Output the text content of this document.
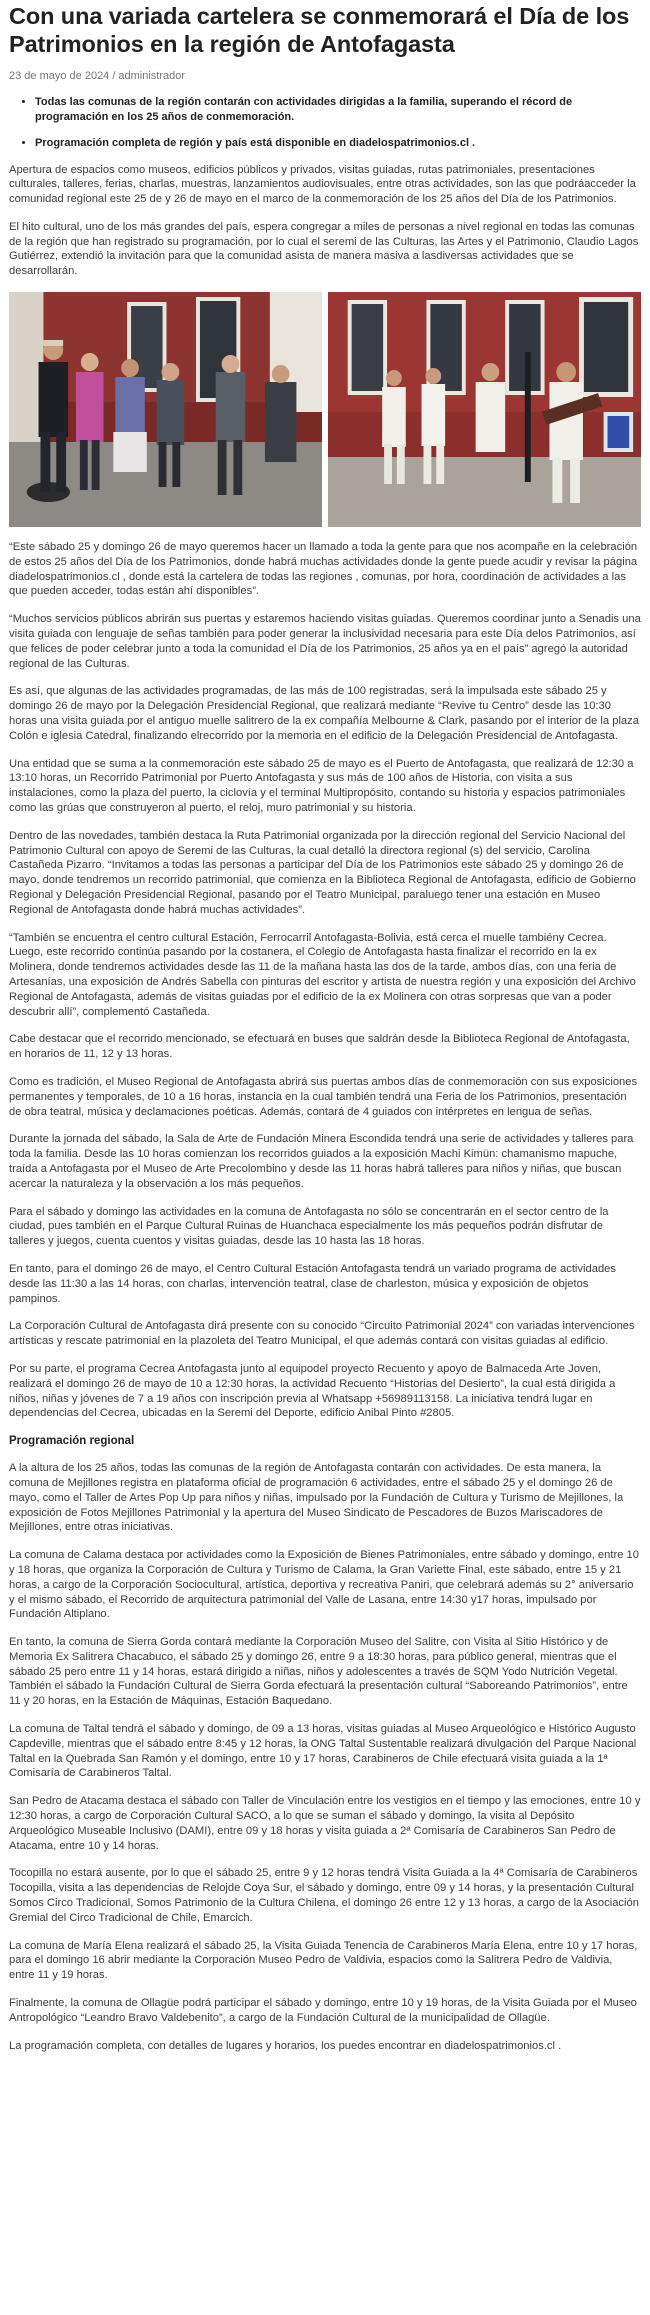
Con una variada cartelera se conmemorará el Día de los Patrimonios en la región de Antofagasta
23 de mayo de 2024 / administrador
• Todas las comunas de la región contarán con actividades dirigidas a la familia, superando el récord de programación en los 25 años de conmemoración.
• Programación completa de región y país está disponible en diadelospatrimonios.cl .

Apertura de espacios como museos, edificios públicos y privados, visitas guiadas, rutas patrimoniales, presentaciones culturales, talleres, ferias, charlas, muestras, lanzamientos audiovisuales, entre otras actividades, son las que podráacceder la comunidad regional este 25 de y 26 de mayo en el marco de la conmemoración de los 25 años del Día de los Patrimonios.

El hito cultural, uno de los más grandes del país, espera congregar a miles de personas a nivel regional en todas las comunas de la región que han registrado su programación, por lo cual el seremi de las Culturas, las Artes y el Patrimonio, Claudio Lagos Gutiérrez, extendió la invitación para que la comunidad asista de manera masiva a lasdiversas actividades que se desarrollarán.

“Este sábado 25 y domingo 26 de mayo queremos hacer un llamado a toda la gente para que nos acompañe en la celebración de estos 25 años del Día de los Patrimonios, donde habrá muchas actividades donde la gente puede acudir y revisar la página diadelospatrimonios.cl , donde está la cartelera de todas las regiones , comunas, por hora, coordinación de actividades a las que pueden acceder, todas están ahí disponibles”.

“Muchos servicios públicos abrirán sus puertas y estaremos haciendo visitas guiadas. Queremos coordinar junto a Senadis una visita guiada con lenguaje de señas también para poder generar la inclusividad necesaria para este Día delos Patrimonios, así que felices de poder celebrar junto a toda la comunidad el Día de los Patrimonios, 25 años ya en el país” agregó la autoridad regional de las Culturas.

Es así, que algunas de las actividades programadas, de las más de 100 registradas, será la impulsada este sábado 25 y domingo 26 de mayo por la Delegación Presidencial Regional, que realizará mediante “Revive tu Centro” desde las 10:30 horas una visita guiada por el antiguo muelle salitrero de la ex compañía Melbourne & Clark, pasando por el interior de la plaza Colón e iglesia Catedral, finalizando elrecorrido por la memoria en el edificio de la Delegación Presidencial de Antofagasta.

Una entidad que se suma a la conmemoración este sábado 25 de mayo es el Puerto de Antofagasta, que realizará de 12:30 a 13:10 horas, un Recorrido Patrimonial por Puerto Antofagasta y sus más de 100 años de Historia, con visita a sus instalaciones, como la plaza del puerto, la ciclovía y el terminal Multipropósito, contando su historia y espacios patrimoniales como las grúas que construyeron al puerto, el reloj, muro patrimonial y su historia.

Dentro de las novedades, también destaca la Ruta Patrimonial organizada por la dirección regional del Servicio Nacional del Patrimonio Cultural con apoyo de Seremi de las Culturas, la cual detalló la directora regional (s) del servicio, Carolina Castañeda Pizarro. “Invitamos a todas las personas a participar del Día de los Patrimonios este sábado 25 y domingo 26 de mayo, donde tendremos un recorrido patrimonial, que comienza en la Biblioteca Regional de Antofagasta, edificio de Gobierno Regional y Delegación Presidencial Regional, pasando por el Teatro Municipal, paraluego tener una estación en Museo Regional de Antofagasta donde habrá muchas actividades”.

“También se encuentra el centro cultural Estación, Ferrocarril Antofagasta-Bolivia, está cerca el muelle tambiény Cecrea. Luego, este recorrido continúa pasando por la costanera, el Colegio de Antofagasta hasta finalizar el recorrido en la ex Molinera, donde tendremos actividades desde las 11 de la mañana hasta las dos de la tarde, ambos días, con una feria de Artesanías, una exposición de Andrés Sabella con pinturas del escritor y artista de nuestra región y una exposición del Archivo Regional de Antofagasta, además de visitas guiadas por el edificio de la ex Molinera con otras sorpresas que van a poder descubrir allí”, complementó Castañeda.

Cabe destacar que el recorrido mencionado, se efectuará en buses que saldrán desde la Biblioteca Regional de Antofagasta, en horarios de 11, 12 y 13 horas.

Como es tradición, el Museo Regional de Antofagasta abrirá sus puertas ambos días de conmemoración con sus exposiciones permanentes y temporales, de 10 a 16 horas, instancia en la cual también tendrá una Feria de los Patrimonios, presentación de obra teatral, música y declamaciones poéticas. Además, contará de 4 guiados con intérpretes en lengua de señas.

Durante la jornada del sábado, la Sala de Arte de Fundación Minera Escondida tendrá una serie de actividades y talleres para toda la familia. Desde las 10 horas comienzan los recorridos guiados a la exposición Machi Kimün: chamanismo mapuche, traída a Antofagasta por el Museo de Arte Precolombino y desde las 11 horas habrá talleres para niños y niñas, que buscan acercar la naturaleza y la observación a los más pequeños.

Para el sábado y domingo las actividades en la comuna de Antofagasta no sólo se concentrarán en el sector centro de la ciudad, pues también en el Parque Cultural Ruinas de Huanchaca especialmente los más pequeños podrán disfrutar de talleres y juegos, cuenta cuentos y visitas guiadas, desde las 10 hasta las 18 horas.

En tanto, para el domingo 26 de mayo, el Centro Cultural Estación Antofagasta tendrá un variado programa de actividades desde las 11:30 a las 14 horas, con charlas, intervención teatral, clase de charleston, música y exposición de objetos pampinos.

La Corporación Cultural de Antofagasta dirá presente con su conocido “Circuito Patrimonial 2024” con variadas intervenciones artísticas y rescate patrimonial en la plazoleta del Teatro Municipal, el que además contará con visitas guiadas al edificio.

Por su parte, el programa Cecrea Antofagasta junto al equipodel proyecto Recuento y apoyo de Balmaceda Arte Joven, realizará el domingo 26 de mayo de 10 a 12:30 horas, la actividad Recuento “Historias del Desierto”, la cual está dirigida a niños, niñas y jóvenes de 7 a 19 años con inscripción previa al Whatsapp +56989113158. La iniciativa tendrá lugar en dependencias del Cecrea, ubicadas en la Seremi del Deporte, edificio Anibal Pinto #2805.

Programación regional

A la altura de los 25 años, todas las comunas de la región de Antofagasta contarán con actividades. De esta manera, la comuna de Mejillones registra en plataforma oficial de programación 6 actividades, entre el sábado 25 y el domingo 26 de mayo, como el Taller de Artes Pop Up para niños y niñas, impulsado por la Fundación de Cultura y Turismo de Mejillones, la exposición de Fotos Mejillones Patrimonial y la apertura del Museo Sindicato de Pescadores de Buzos Mariscadores de Mejillones, entre otras iniciativas.

La comuna de Calama destaca por actividades como la Exposición de Bienes Patrimoniales, entre sábado y domingo, entre 10 y 18 horas, que organiza la Corporación de Cultura y Turismo de Calama, la Gran Variette Final, este sábado, entre 15 y 21 horas, a cargo de la Corporación Sociocultural, artística, deportiva y recreativa Paniri, que celebrará además su 2° aniversario y el mismo sábado, el Recorrido de arquitectura patrimonial del Valle de Lasana, entre 14:30 y17 horas, impulsado por Fundación Altiplano.

En tanto, la comuna de Sierra Gorda contará mediante la Corporación Museo del Salitre, con Visita al Sitio Histórico y de Memoria Ex Salitrera Chacabuco, el sábado 25 y domingo 26, entre 9 a 18:30 horas, para público general, mientras que el sábado 25 pero entre 11 y 14 horas, estará dirigido a niñas, niños y adolescentes a través de SQM Yodo Nutrición Vegetal. También el sábado la Fundación Cultural de Sierra Gorda efectuará la presentación cultural “Saboreando Patrimonios”, entre 11 y 20 horas, en la Estación de Máquinas, Estación Baquedano.

La comuna de Taltal tendrá el sábado y domingo, de 09 a 13 horas, visitas guiadas al Museo Arqueológico e Histórico Augusto Capdeville, mientras que el sábado entre 8:45 y 12 horas, la ONG Taltal Sustentable realizará divulgación del Parque Nacional Taltal en la Quebrada San Ramón y el domingo, entre 10 y 17 horas, Carabineros de Chile efectuará visita guiada a la 1ª Comisaría de Carabineros Taltal.

San Pedro de Atacama destaca el sábado con Taller de Vinculación entre los vestigios en el tiempo y las emociones, entre 10 y 12:30 horas, a cargo de Corporación Cultural SACO, a lo que se suman el sábado y domingo, la visita al Depósito Arqueológico Museable Inclusivo (DAMI), entre 09 y 18 horas y visita guiada a 2ª Comisaría de Carabineros San Pedro de Atacama, entre 10 y 14 horas.

Tocopilla no estará ausente, por lo que el sábado 25, entre 9 y 12 horas tendrá Visita Guiada a la 4ª Comisaría de Carabineros Tocopilla, visita a las dependencias de Relojde Coya Sur, el sábado y domingo, entre 09 y 14 horas, y la presentación Cultural Somos Circo Tradicional, Somos Patrimonio de la Cultura Chilena, el domingo 26 entre 12 y 13 horas, a cargo de la Asociación Gremial del Circo Tradicional de Chile, Emarcich.

La comuna de María Elena realizará el sábado 25, la Visita Guiada Tenencia de Carabineros María Elena, entre 10 y 17 horas, para el domingo 16 abrir mediante la Corporación Museo Pedro de Valdivia, espacios como la Salitrera Pedro de Valdivia, entre 11 y 19 horas.

Finalmente, la comuna de Ollagüe podrá participar el sábado y domingo, entre 10 y 19 horas, de la Visita Guiada por el Museo Antropológico “Leandro Bravo Valdebenito”, a cargo de la Fundación Cultural de la municipalidad de Ollagüe.

La programación completa, con detalles de lugares y horarios, los puedes encontrar en diadelospatrimonios.cl .
